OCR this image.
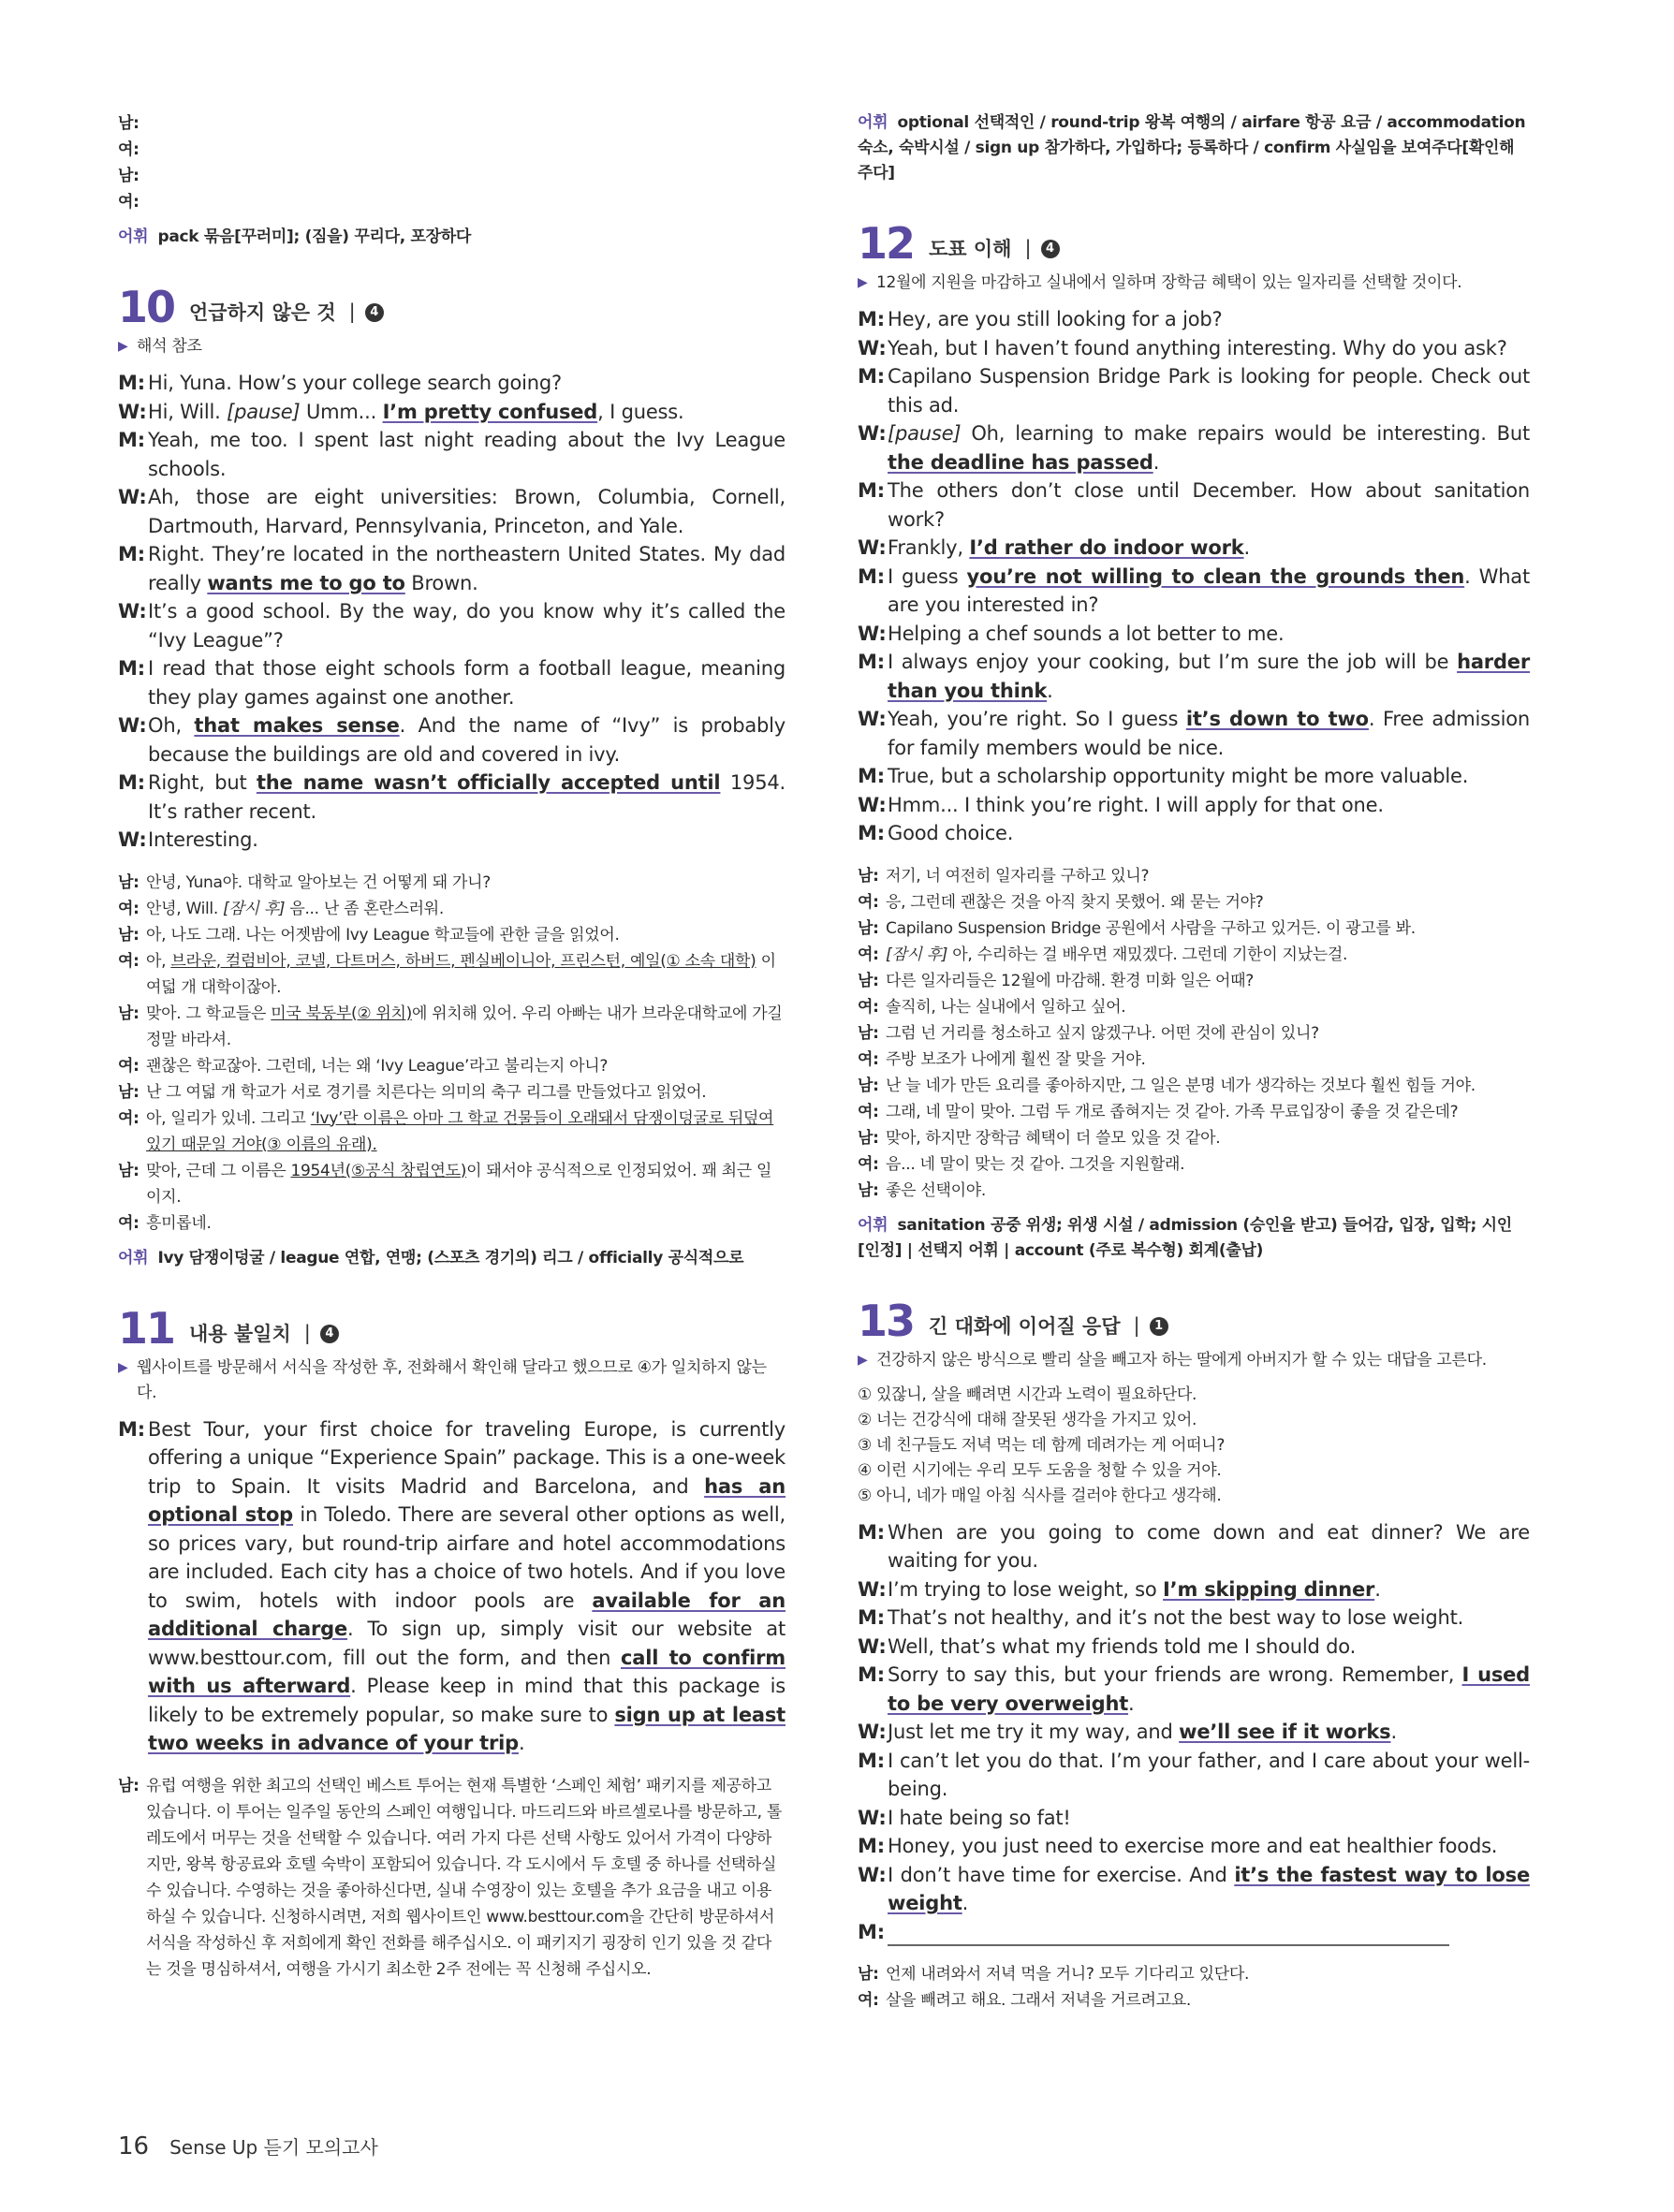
남:
여:
남:
여:
어휘 pack 묶음[꾸러미]; (짐을) 꾸리다, 포장하다
10 언급하지 않은 것 |	4
▶ 해석 참조
M: Hi, Yuna. How’s your college search going?
W: Hi, Will. [pause] Umm... I’m pretty confused, I guess.
M: Yeah, me too. I spent last night reading about the Ivy League schools.
W: Ah, those are eight universities: Brown, Columbia, Cornell, Dartmouth, Harvard, Pennsylvania, Princeton, and Yale.
M: Right. They’re located in the northeastern United States. My dad really wants me to go to Brown.
W: It’s a good school. By the way, do you know why it’s called the “Ivy League”?
M: I read that those eight schools form a football league, meaning they play games against one another.
W: Oh, that makes sense. And the name of “Ivy” is probably because the buildings are old and covered in ivy.
M: Right, but the name wasn’t officially accepted until 1954. It’s rather recent.
W: Interesting.
남: 안녕, Yuna야. 대학교 알아보는 건 어떻게 돼 가니?
여: 안녕, Will. [잠시 후] 음... 난 좀 혼란스러워.
남: 아, 나도 그래. 나는 어젯밤에 Ivy League 학교들에 관한 글을 읽었어.
여: 아, 브라운, 컬럼비아, 코넬, 다트머스, 하버드, 펜실베이니아, 프린스턴, 예일(① 소속 대학) 이 여덟 개 대학이잖아.
남: 맞아. 그 학교들은 미국 북동부(② 위치)에 위치해 있어. 우리 아빠는 내가 브라운대학교에 가길 정말 바라셔.
여: 괜찮은 학교잖아. 그런데, 너는 왜 ‘Ivy League’라고 불리는지 아니?
남: 난 그 여덟 개 학교가 서로 경기를 치른다는 의미의 축구 리그를 만들었다고 읽었어.
여: 아, 일리가 있네. 그리고 ‘Ivy’란 이름은 아마 그 학교 건물들이 오래돼서 담쟁이덩굴로 뒤덮여 있기 때문일 거야(③ 이름의 유래).
남: 맞아, 근데 그 이름은 1954년(⑤공식 창립연도)이 돼서야 공식적으로 인정되었어. 꽤 최근 일이지.
여: 흥미롭네.
어휘 Ivy 담쟁이덩굴 / league 연합, 연맹; (스포츠 경기의) 리그 / officially 공식적으로
11 내용 불일치 |	4
▶ 웹사이트를 방문해서 서식을 작성한 후, 전화해서 확인해 달라고 했으므로 ④가 일치하지 않는다.
M: Best Tour, your first choice for traveling Europe, is currently offering a unique “Experience Spain” package. This is a one-week trip to Spain. It visits Madrid and Barcelona, and has an optional stop in Toledo. There are several other options as well, so prices vary, but round-trip airfare and hotel accommodations are included. Each city has a choice of two hotels. And if you love to swim, hotels with indoor pools are available for an additional charge. To sign up, simply visit our website at www.besttour.com, fill out the form, and then call to confirm with us afterward. Please keep in mind that this package is likely to be extremely popular, so make sure to sign up at least two weeks in advance of your trip.
남: 유럽 여행을 위한 최고의 선택인 베스트 투어는 현재 특별한 ‘스페인 체험’ 패키지를 제공하고 있습니다. 이 투어는 일주일 동안의 스페인 여행입니다. 마드리드와 바르셀로나를 방문하고, 톨레도에서 머무는 것을 선택할 수 있습니다. 여러 가지 다른 선택 사항도 있어서 가격이 다양하지만, 왕복 항공료와 호텔 숙박이 포함되어 있습니다. 각 도시에서 두 호텔 중 하나를 선택하실 수 있습니다. 수영하는 것을 좋아하신다면, 실내 수영장이 있는 호텔을 추가 요금을 내고 이용하실 수 있습니다. 신청하시려면, 저희 웹사이트인 www.besttour.com을 간단히 방문하셔서 서식을 작성하신 후 저희에게 확인 전화를 해주십시오. 이 패키지기 굉장히 인기 있을 것 같다는 것을 명심하셔서, 여행을 가시기 최소한 2주 전에는 꼭 신청해 주십시오.
어휘 optional 선택적인 / round-trip 왕복 여행의 / airfare 항공 요금 / accommodation 숙소, 숙박시설 / sign up 참가하다, 가입하다; 등록하다 / confirm 사실임을 보여주다[확인해 주다]
12 도표 이해 |	4
▶ 12월에 지원을 마감하고 실내에서 일하며 장학금 혜택이 있는 일자리를 선택할 것이다.
M: Hey, are you still looking for a job?
W: Yeah, but I haven’t found anything interesting. Why do you ask?
M: Capilano Suspension Bridge Park is looking for people. Check out this ad.
W: [pause] Oh, learning to make repairs would be interesting. But the deadline has passed.
M: The others don’t close until December. How about sanitation work?
W: Frankly, I’d rather do indoor work.
M: I guess you’re not willing to clean the grounds then. What are you interested in?
W: Helping a chef sounds a lot better to me.
M: I always enjoy your cooking, but I’m sure the job will be harder than you think.
W: Yeah, you’re right. So I guess it’s down to two. Free admission for family members would be nice.
M: True, but a scholarship opportunity might be more valuable.
W: Hmm... I think you’re right. I will apply for that one.
M: Good choice.
남: 저기, 너 여전히 일자리를 구하고 있니?
여: 응, 그런데 괜찮은 것을 아직 찾지 못했어. 왜 묻는 거야?
남: Capilano Suspension Bridge 공원에서 사람을 구하고 있거든. 이 광고를 봐.
여: [잠시 후] 아, 수리하는 걸 배우면 재밌겠다. 그런데 기한이 지났는걸.
남: 다른 일자리들은 12월에 마감해. 환경 미화 일은 어때?
여: 솔직히, 나는 실내에서 일하고 싶어.
남: 그럼 넌 거리를 청소하고 싶지 않겠구나. 어떤 것에 관심이 있니?
여: 주방 보조가 나에게 훨씬 잘 맞을 거야.
남: 난 늘 네가 만든 요리를 좋아하지만, 그 일은 분명 네가 생각하는 것보다 훨씬 힘들 거야.
여: 그래, 네 말이 맞아. 그럼 두 개로 좁혀지는 것 같아. 가족 무료입장이 좋을 것 같은데?
남: 맞아, 하지만 장학금 혜택이 더 쓸모 있을 것 같아.
여: 음... 네 말이 맞는 것 같아. 그것을 지원할래.
남: 좋은 선택이야.
어휘 sanitation 공중 위생; 위생 시설 / admission (승인을 받고) 들어감, 입장, 입학; 시인[인정] | 선택지 어휘 | account (주로 복수형) 회계(출납)
13 긴 대화에 이어질 응답 |	1
▶ 건강하지 않은 방식으로 빨리 살을 빼고자 하는 딸에게 아버지가 할 수 있는 대답을 고른다.
① 있잖니, 살을 빼려면 시간과 노력이 필요하단다.
② 너는 건강식에 대해 잘못된 생각을 가지고 있어.
③ 네 친구들도 저녁 먹는 데 함께 데려가는 게 어떠니?
④ 이런 시기에는 우리 모두 도움을 청할 수 있을 거야.
⑤ 아니, 네가 매일 아침 식사를 걸러야 한다고 생각해.
M: When are you going to come down and eat dinner? We are waiting for you.
W: I’m trying to lose weight, so I’m skipping dinner.
M: That’s not healthy, and it’s not the best way to lose weight.
W: Well, that’s what my friends told me I should do.
M: Sorry to say this, but your friends are wrong. Remember, I used to be very overweight.
W: Just let me try it my way, and we’ll see if it works.
M: I can’t let you do that. I’m your father, and I care about your well-being.
W: I hate being so fat!
M: Honey, you just need to exercise more and eat healthier foods.
W: I don’t have time for exercise. And it’s the fastest way to lose weight.
M:
남: 언제 내려와서 저녁 먹을 거니? 모두 기다리고 있단다.
여: 살을 빼려고 해요. 그래서 저녁을 거르려고요.
16 Sense Up 듣기 모의고사
